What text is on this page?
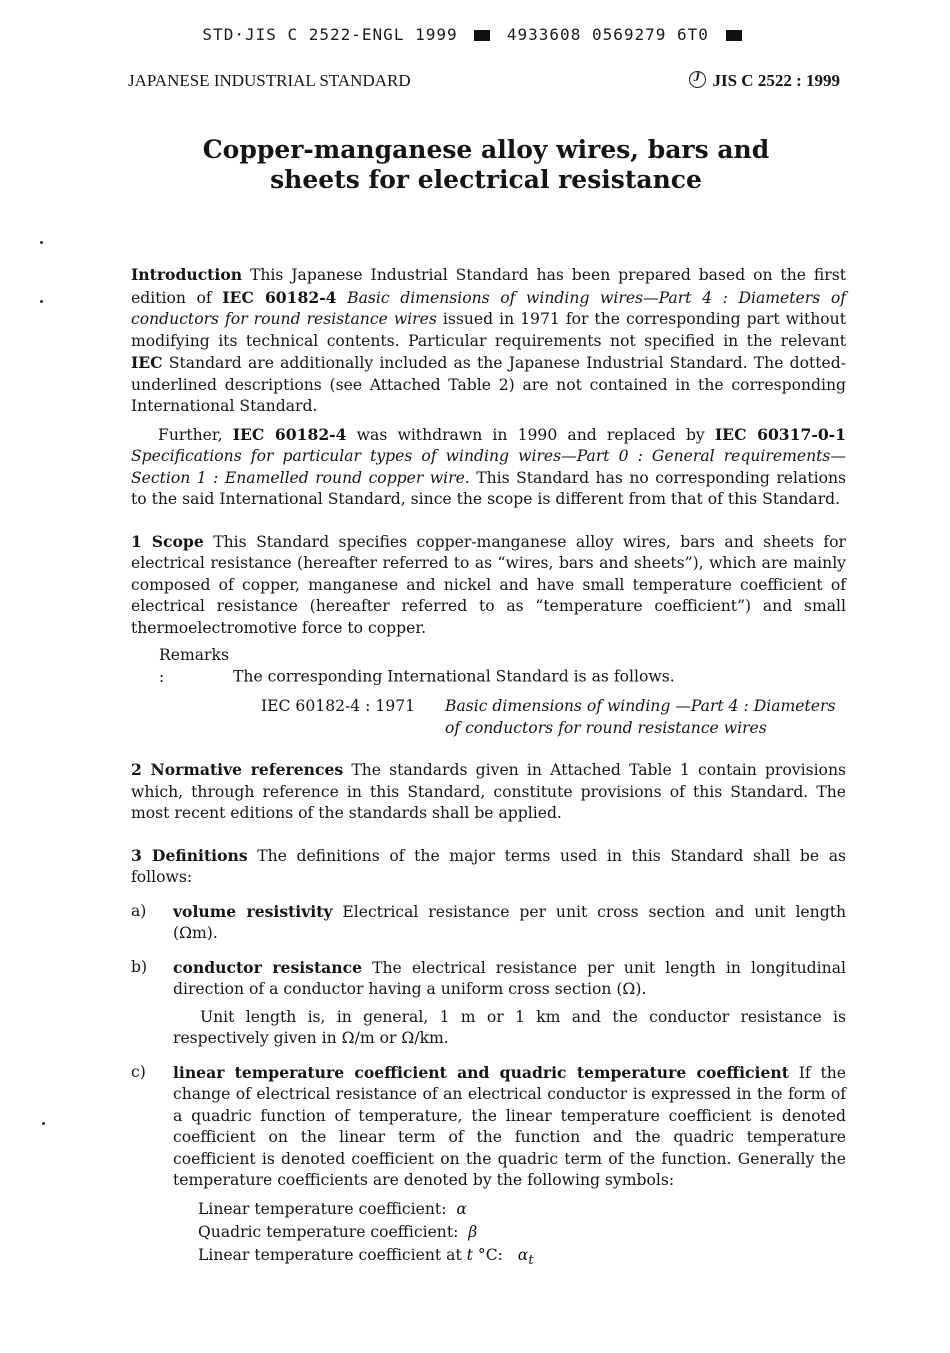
STD·JIS C 2522-ENGL 1999	4933608 0569279 6T0
JAPANESE INDUSTRIAL STANDARD
J	JIS C 2522 : 1999
Copper-manganese alloy wires, bars and
sheets for electrical resistance

Introduction This Japanese Industrial Standard has been prepared based on the first edition of IEC 60182-4 Basic dimensions of winding wires—Part 4 : Diameters of conductors for round resistance wires issued in 1971 for the corresponding part without modifying its technical contents. Particular requirements not specified in the relevant IEC Standard are additionally included as the Japanese Industrial Standard. The dotted-underlined descriptions (see Attached Table 2) are not contained in the corresponding International Standard.

Further, IEC 60182-4 was withdrawn in 1990 and replaced by IEC 60317-0-1 Specifications for particular types of winding wires—Part 0 : General requirements—Section 1 : Enamelled round copper wire. This Standard has no corresponding relations to the said International Standard, since the scope is different from that of this Standard.

1 Scope This Standard specifies copper-manganese alloy wires, bars and sheets for electrical resistance (hereafter referred to as “wires, bars and sheets”), which are mainly composed of copper, manganese and nickel and have small temperature coefficient of electrical resistance (hereafter referred to as “temperature coefficient”) and small thermoelectromotive force to copper.

Remarks :	The corresponding International Standard is as follows.
IEC 60182-4 : 1971	Basic dimensions of winding —Part 4 : Diameters of conductors for round resistance wires

2 Normative references The standards given in Attached Table 1 contain provisions which, through reference in this Standard, constitute provisions of this Standard. The most recent editions of the standards shall be applied.

3 Definitions The definitions of the major terms used in this Standard shall be as follows:

a)	volume resistivity Electrical resistance per unit cross section and unit length (Ωm).

b)	conductor resistance The electrical resistance per unit length in longitudinal direction of a conductor having a uniform cross section (Ω).

Unit length is, in general, 1 m or 1 km and the conductor resistance is respectively given in Ω/m or Ω/km.

c)	linear temperature coefficient and quadric temperature coefficient If the change of electrical resistance of an electrical conductor is expressed in the form of a quadric function of temperature, the linear temperature coefficient is denoted coefficient on the linear term of the function and the quadric temperature coefficient is denoted coefficient on the quadric term of the function. Generally the temperature coefficients are denoted by the following symbols:

Linear temperature coefficient: α
Quadric temperature coefficient: β
Linear temperature coefficient at t °C: $\alpha_t$
